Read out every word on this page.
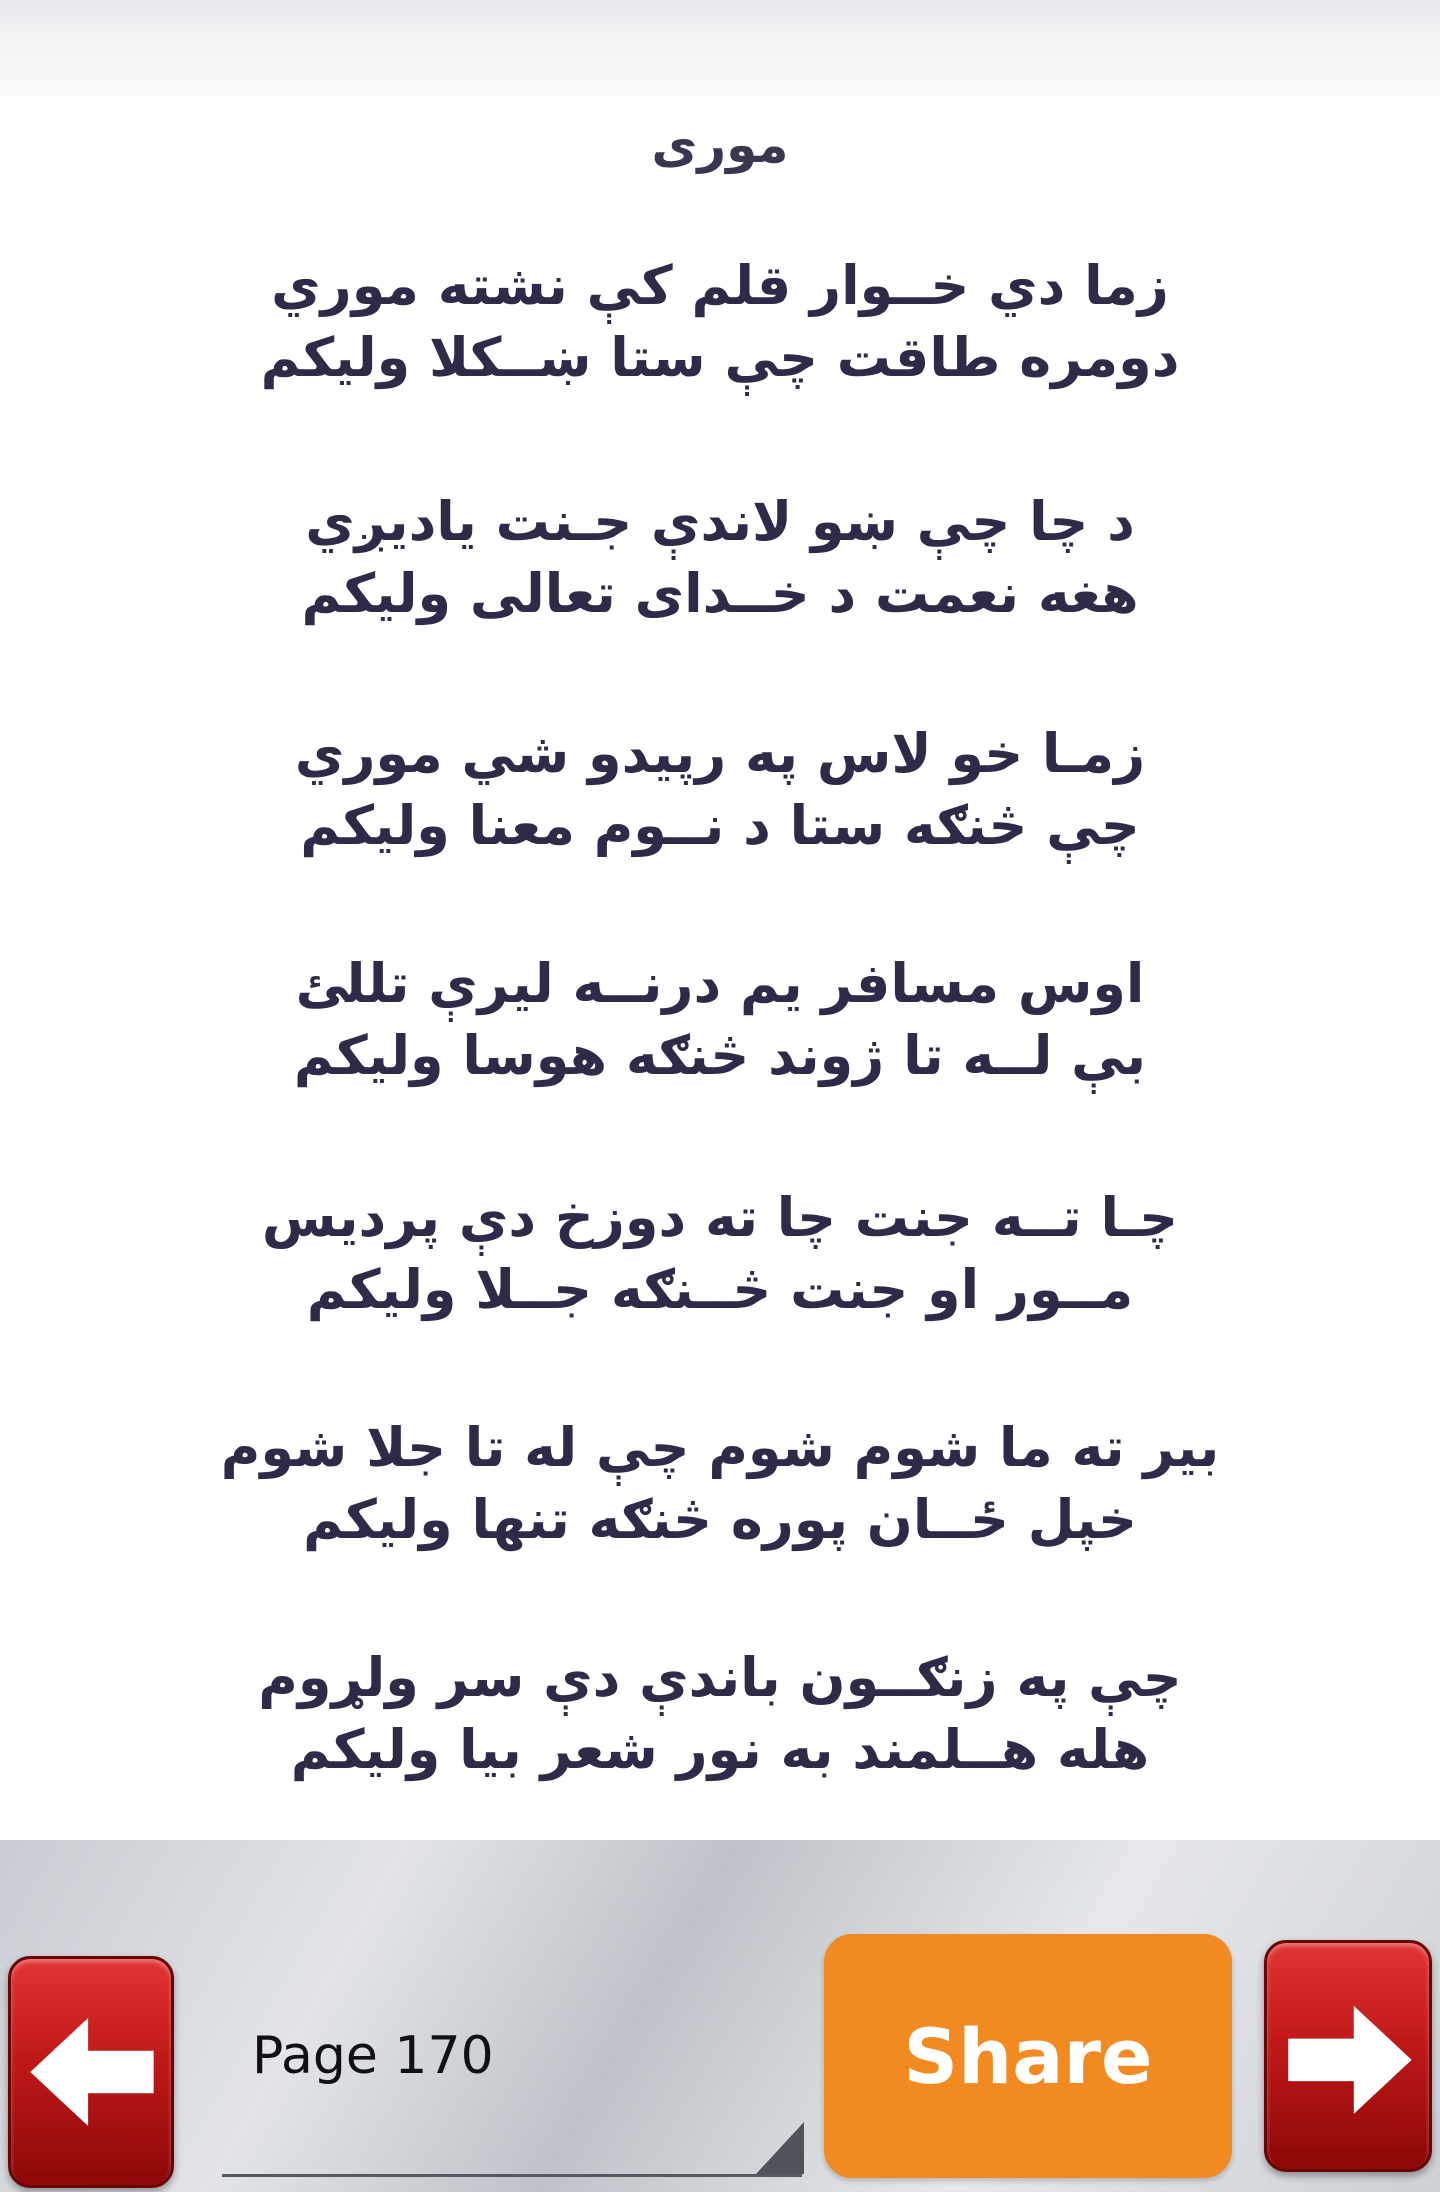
موری
زما دي خــوار قلم کې نشته موري
دومره طاقت چې ستا ښــکلا ولیکم
د چا چې ښو لاندې جـنت یادیږي
هغه نعمت د خــدای تعالی ولیکم
زمـا خو لاس په رپیدو شي موري
چې څنګه ستا د نــوم معنا ولیکم
اوس مسافر یم درنــه لیرې تللئ
بې لــه تا ژوند څنګه هوسا ولیکم
چـا تــه جنت چا ته دوزخ دې پردیس
مــور او جنت څــنګه جــلا ولیکم
بیر ته ما شوم شوم چې له تا جلا شوم
خپل ځــان پوره څنګه تنها ولیکم
چې په زنګــون باندې دې سر ولړوم
هله هــلمند به نور شعر بیا ولیکم
Page 170	Share
